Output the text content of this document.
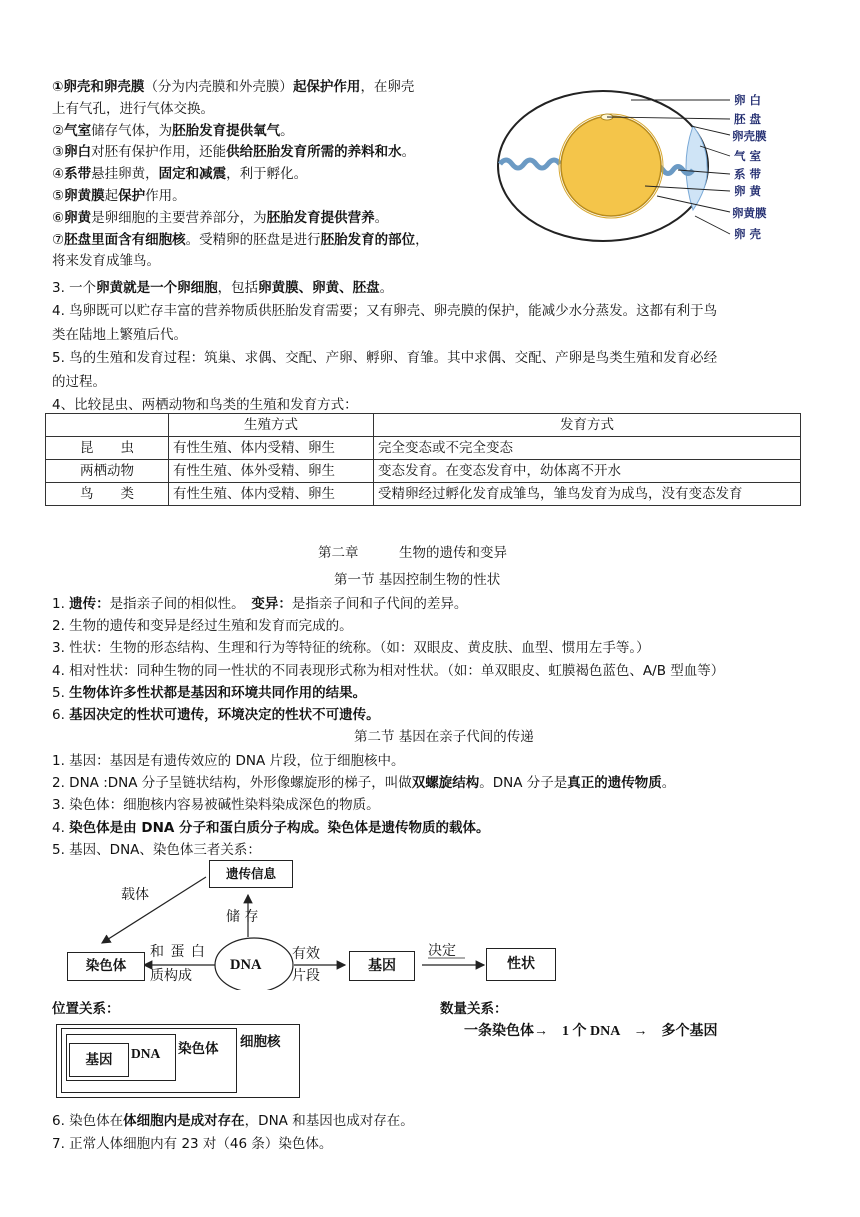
①卵壳和卵壳膜（分为内壳膜和外壳膜）起保护作用，在卵壳
上有气孔，进行气体交换。
②气室储存气体，为胚胎发育提供氧气。
③卵白对胚有保护作用，还能供给胚胎发育所需的养料和水。
④系带悬挂卵黄，固定和减震，利于孵化。
⑤卵黄膜起保护作用。
⑥卵黄是卵细胞的主要营养部分，为胚胎发育提供营养。
⑦胚盘里面含有细胞核。受精卵的胚盘是进行胚胎发育的部位，
将来发育成雏鸟。
卵 白
胚 盘
卵壳膜
气 室
系 带
卵 黄
卵黄膜
卵 壳
3. 一个卵黄就是一个卵细胞，包括卵黄膜、卵黄、胚盘。
4. 鸟卵既可以贮存丰富的营养物质供胚胎发育需要；又有卵壳、卵壳膜的保护，能减少水分蒸发。这都有利于鸟
类在陆地上繁殖后代。
5. 鸟的生殖和发育过程：筑巢、求偶、交配、产卵、孵卵、育雏。其中求偶、交配、产卵是鸟类生殖和发育必经
的过程。
4、比较昆虫、两栖动物和鸟类的生殖和发育方式：
	生殖方式	发育方式
昆　　虫	有性生殖、体内受精、卵生	完全变态或不完全变态
两栖动物	有性生殖、体外受精、卵生	变态发育。在变态发育中，幼体离不开水
鸟　　类	有性生殖、体内受精、卵生	受精卵经过孵化发育成雏鸟，雏鸟发育为成鸟，没有变态发育
第二章　　　生物的遗传和变异
第一节 基因控制生物的性状
1. 遗传：是指亲子间的相似性。　变异：是指亲子间和子代间的差异。
2. 生物的遗传和变异是经过生殖和发育而完成的。
3. 性状：生物的形态结构、生理和行为等特征的统称。（如：双眼皮、黄皮肤、血型、惯用左手等。）
4. 相对性状：同种生物的同一性状的不同表现形式称为相对性状。（如：单双眼皮、虹膜褐色蓝色、A/B 型血等）
5. 生物体许多性状都是基因和环境共同作用的结果。
6. 基因决定的性状可遗传，环境决定的性状不可遗传。
第二节 基因在亲子代间的传递
1. 基因：基因是有遗传效应的 DNA 片段，位于细胞核中。
2. DNA :DNA 分子呈链状结构，外形像螺旋形的梯子，叫做双螺旋结构。DNA 分子是真正的遗传物质。
3. 染色体：细胞核内容易被碱性染料染成深色的物质。
4. 染色体是由 DNA 分子和蛋白质分子构成。染色体是遗传物质的载体。
5. 基因、DNA、染色体三者关系：
遗传信息
载体
储 存
染色体
和 蛋 白
质构成
DNA
有效
片段
基因
决定
性状
位置关系：
细胞核
染色体
DNA
基因
数量关系：
一条染色体→　1 个 DNA　→　多个基因
6. 染色体在体细胞内是成对存在，DNA 和基因也成对存在。
7. 正常人体细胞内有 23 对（46 条）染色体。
